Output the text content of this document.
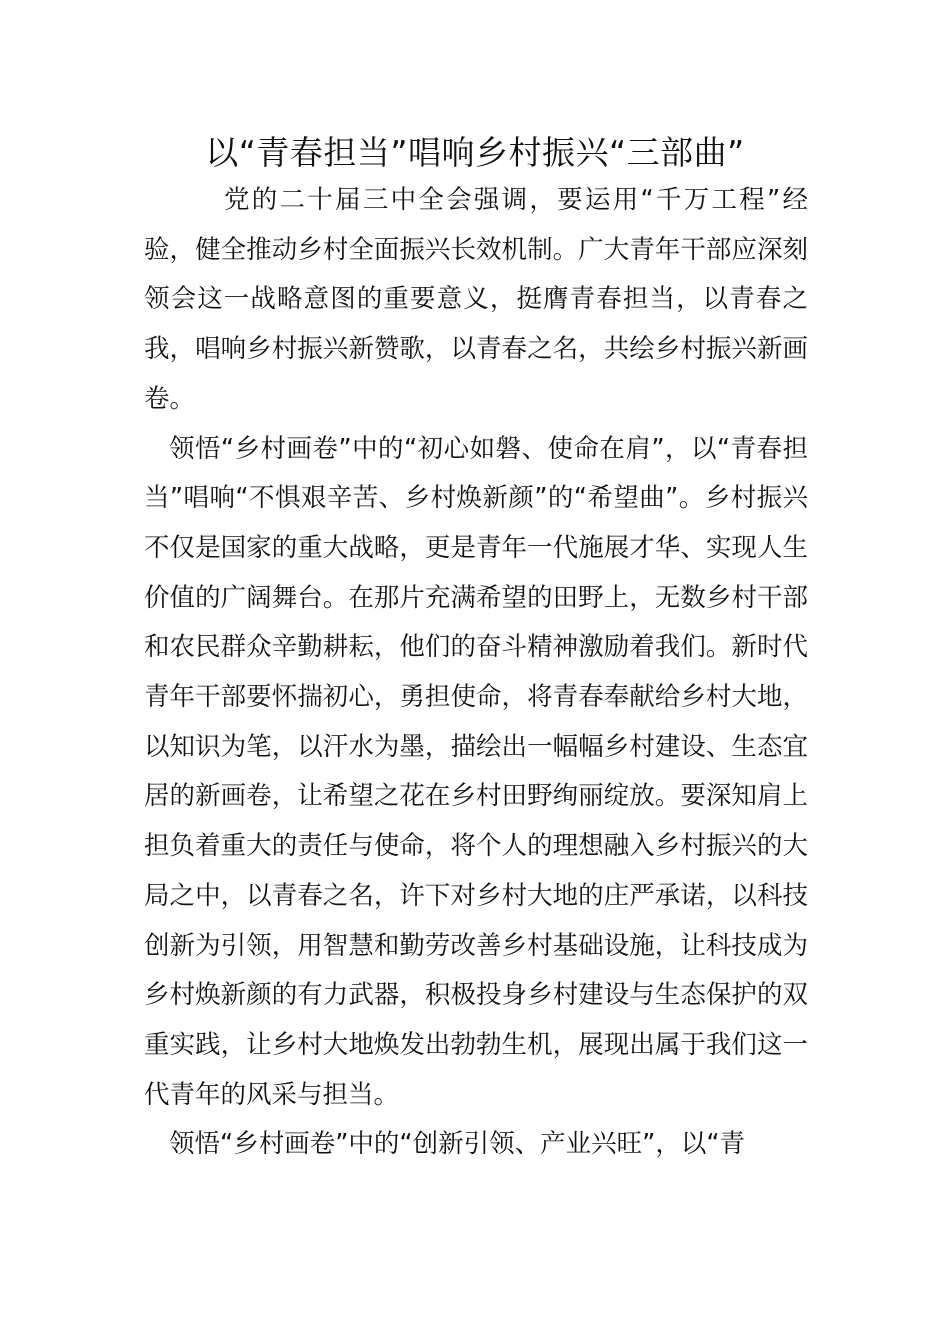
以“青春担当”唱响乡村振兴“三部曲”

党的二十届三中全会强调，要运用“千万工程”经验，健全推动乡村全面振兴长效机制。广大青年干部应深刻领会这一战略意图的重要意义，挺膺青春担当，以青春之我，唱响乡村振兴新赞歌，以青春之名，共绘乡村振兴新画卷。

领悟“乡村画卷”中的“初心如磐、使命在肩”，以“青春担当”唱响“不惧艰辛苦、乡村焕新颜”的“希望曲”。乡村振兴不仅是国家的重大战略，更是青年一代施展才华、实现人生价值的广阔舞台。在那片充满希望的田野上，无数乡村干部和农民群众辛勤耕耘，他们的奋斗精神激励着我们。新时代青年干部要怀揣初心，勇担使命，将青春奉献给乡村大地，以知识为笔，以汗水为墨，描绘出一幅幅乡村建设、生态宜居的新画卷，让希望之花在乡村田野绚丽绽放。要深知肩上担负着重大的责任与使命，将个人的理想融入乡村振兴的大局之中，以青春之名，许下对乡村大地的庄严承诺，以科技创新为引领，用智慧和勤劳改善乡村基础设施，让科技成为乡村焕新颜的有力武器，积极投身乡村建设与生态保护的双重实践，让乡村大地焕发出勃勃生机，展现出属于我们这一代青年的风采与担当。

领悟“乡村画卷”中的“创新引领、产业兴旺”，以“青
